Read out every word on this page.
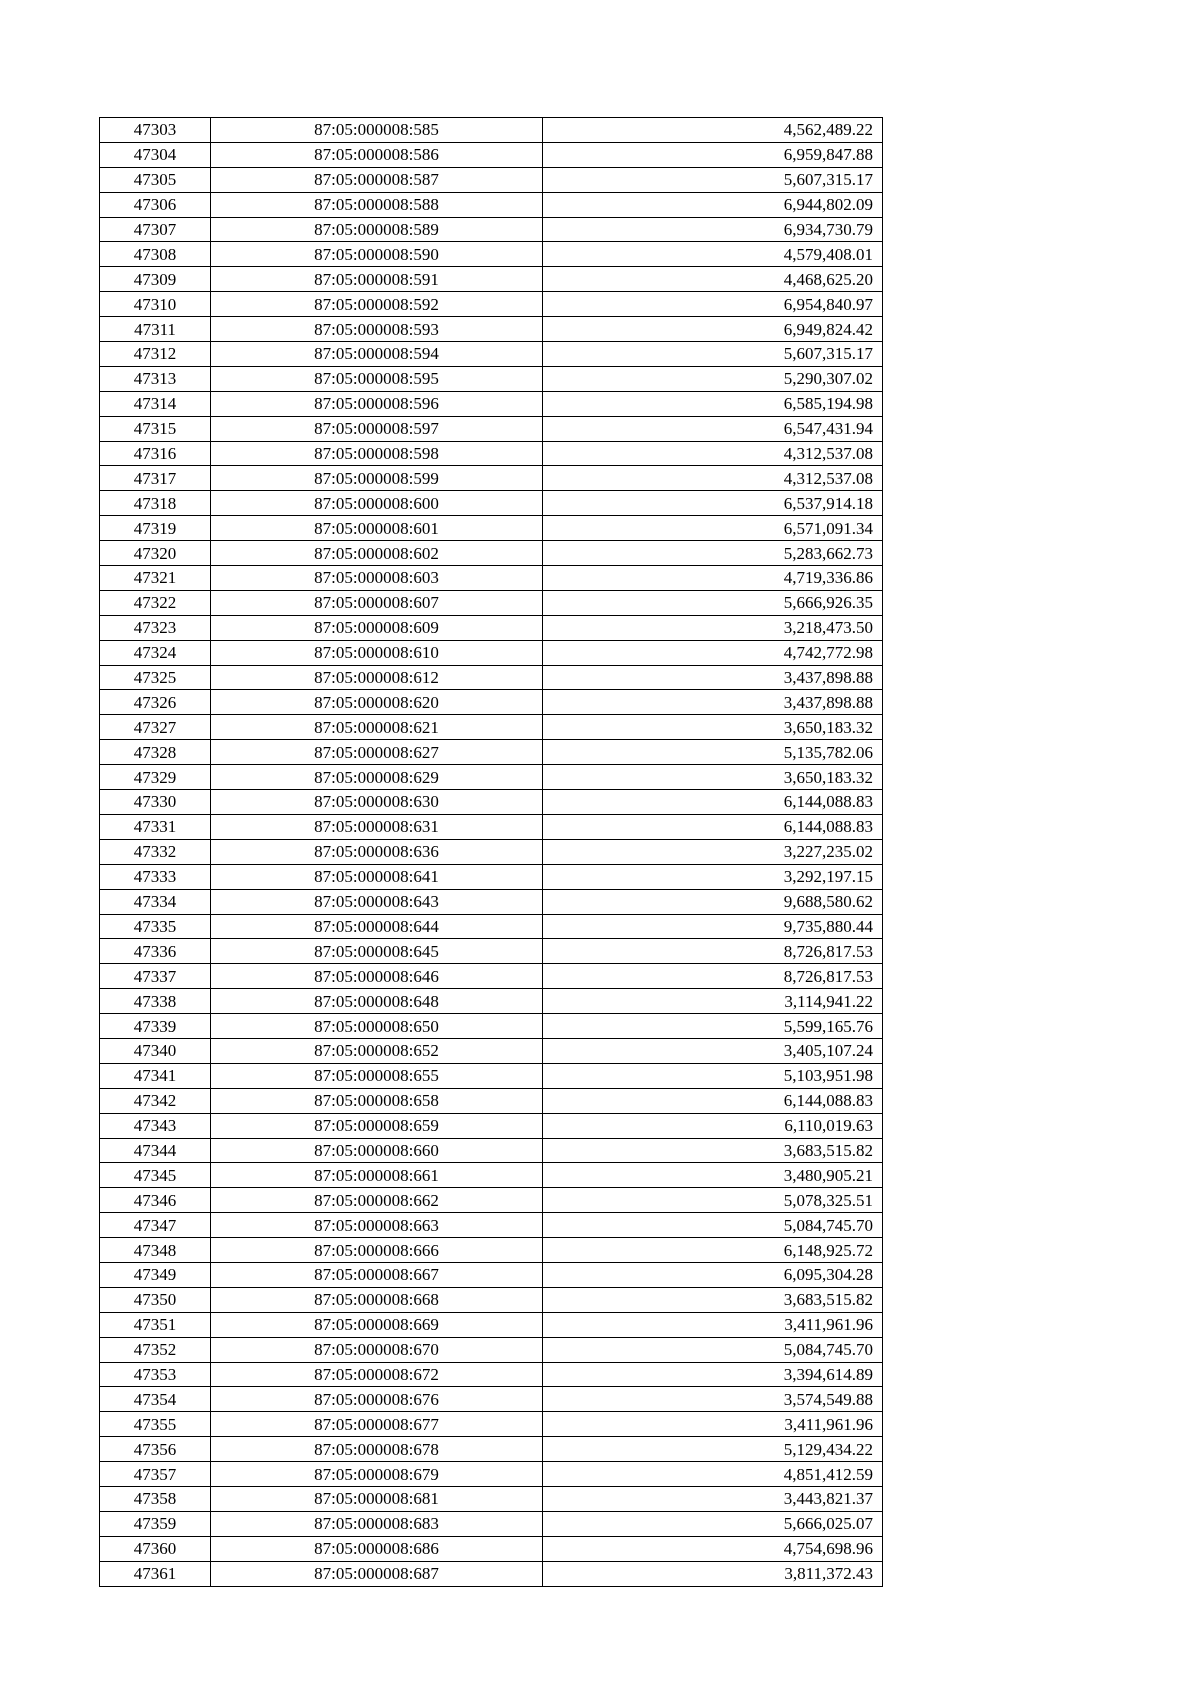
47303	87:05:000008:585	4,562,489.22
47304	87:05:000008:586	6,959,847.88
47305	87:05:000008:587	5,607,315.17
47306	87:05:000008:588	6,944,802.09
47307	87:05:000008:589	6,934,730.79
47308	87:05:000008:590	4,579,408.01
47309	87:05:000008:591	4,468,625.20
47310	87:05:000008:592	6,954,840.97
47311	87:05:000008:593	6,949,824.42
47312	87:05:000008:594	5,607,315.17
47313	87:05:000008:595	5,290,307.02
47314	87:05:000008:596	6,585,194.98
47315	87:05:000008:597	6,547,431.94
47316	87:05:000008:598	4,312,537.08
47317	87:05:000008:599	4,312,537.08
47318	87:05:000008:600	6,537,914.18
47319	87:05:000008:601	6,571,091.34
47320	87:05:000008:602	5,283,662.73
47321	87:05:000008:603	4,719,336.86
47322	87:05:000008:607	5,666,926.35
47323	87:05:000008:609	3,218,473.50
47324	87:05:000008:610	4,742,772.98
47325	87:05:000008:612	3,437,898.88
47326	87:05:000008:620	3,437,898.88
47327	87:05:000008:621	3,650,183.32
47328	87:05:000008:627	5,135,782.06
47329	87:05:000008:629	3,650,183.32
47330	87:05:000008:630	6,144,088.83
47331	87:05:000008:631	6,144,088.83
47332	87:05:000008:636	3,227,235.02
47333	87:05:000008:641	3,292,197.15
47334	87:05:000008:643	9,688,580.62
47335	87:05:000008:644	9,735,880.44
47336	87:05:000008:645	8,726,817.53
47337	87:05:000008:646	8,726,817.53
47338	87:05:000008:648	3,114,941.22
47339	87:05:000008:650	5,599,165.76
47340	87:05:000008:652	3,405,107.24
47341	87:05:000008:655	5,103,951.98
47342	87:05:000008:658	6,144,088.83
47343	87:05:000008:659	6,110,019.63
47344	87:05:000008:660	3,683,515.82
47345	87:05:000008:661	3,480,905.21
47346	87:05:000008:662	5,078,325.51
47347	87:05:000008:663	5,084,745.70
47348	87:05:000008:666	6,148,925.72
47349	87:05:000008:667	6,095,304.28
47350	87:05:000008:668	3,683,515.82
47351	87:05:000008:669	3,411,961.96
47352	87:05:000008:670	5,084,745.70
47353	87:05:000008:672	3,394,614.89
47354	87:05:000008:676	3,574,549.88
47355	87:05:000008:677	3,411,961.96
47356	87:05:000008:678	5,129,434.22
47357	87:05:000008:679	4,851,412.59
47358	87:05:000008:681	3,443,821.37
47359	87:05:000008:683	5,666,025.07
47360	87:05:000008:686	4,754,698.96
47361	87:05:000008:687	3,811,372.43
